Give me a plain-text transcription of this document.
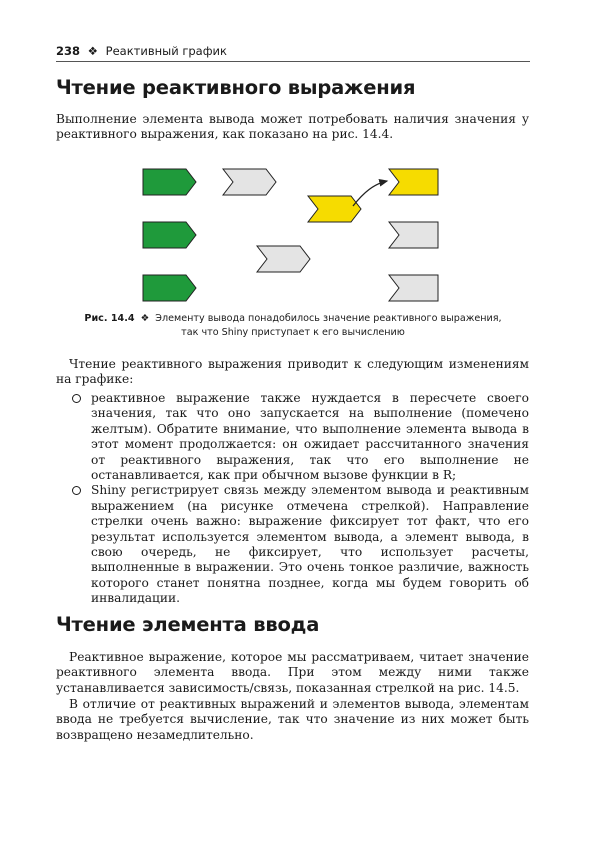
238 ❖ Реактивный график
Чтение реактивного выражения

Выполнение элемента вывода может потребовать наличия значения у реактивного выражения, как показано на рис. 14.4.

Рис. 14.4 ❖ Элементу вывода понадобилось значение реактивного выражения,
так что Shiny приступает к его вычислению

Чтение реактивного выражения приводит к следующим изменениям на графике:

реактивное выражение также нуждается в пересчете своего значения, так что оно запускается на выполнение (помечено желтым). Обратите внимание, что выполнение элемента вывода в этот момент продолжается: он ожидает рассчитанного значения от реактивного выражения, так что его выполнение не останавливается, как при обычном вызове функции в R;
Shiny регистрирует связь между элементом вывода и реактивным выражением (на рисунке отмечена стрелкой). Направление стрелки очень важно: выражение фиксирует тот факт, что его результат используется элементом вывода, а элемент вывода, в свою очередь, не фиксирует, что использует расчеты, выполненные в выражении. Это очень тонкое различие, важность которого станет понятна позднее, когда мы будем говорить об инвалидации.
Чтение элемента ввода

Реактивное выражение, которое мы рассматриваем, читает значение реактивного элемента ввода. При этом между ними также устанавливается зависимость/связь, показанная стрелкой на рис. 14.5.

В отличие от реактивных выражений и элементов вывода, элементам ввода не требуется вычисление, так что значение из них может быть возвращено незамедлительно.
